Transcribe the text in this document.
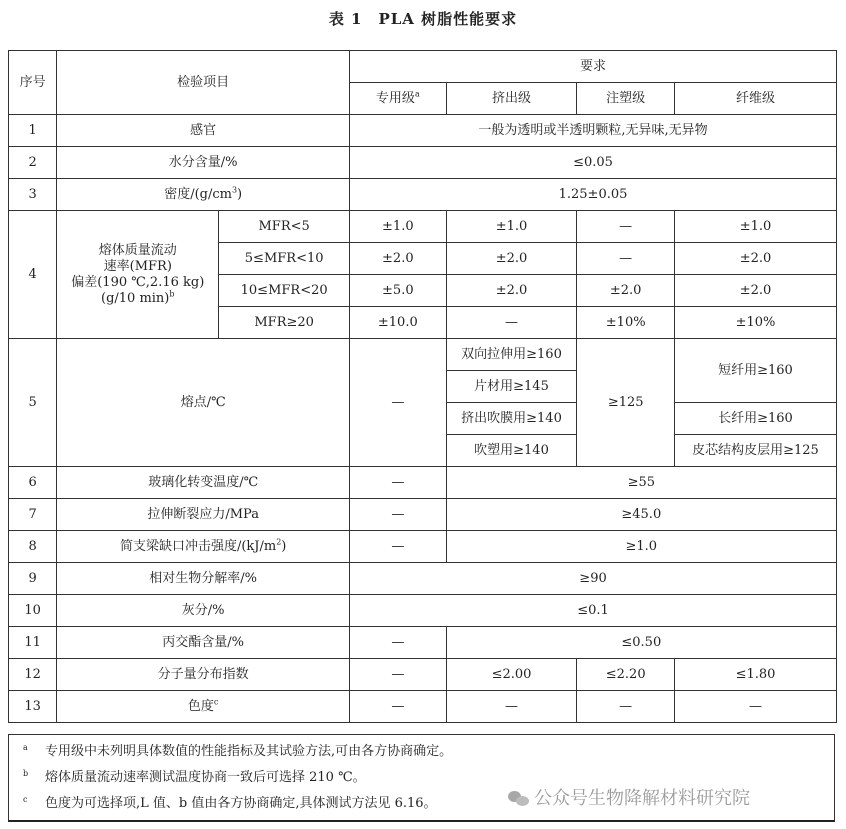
表 1　PLA 树脂性能要求

序号	检验项目		要求				
			专用级$^a$	挤出级	注塑级	纤维级	
1	感官		一般为透明或半透明颗粒,无异味,无异物				
2	水分含量/%		≤0.05				
3	密度/(g/cm$^3$)		1.25±0.05				
4	熔体质量流动
速率(MFR)
偏差(190 ℃,2.16 kg)
(g/10 min)$^b$	MFR<5	±1.0	±1.0	—	±1.0	
		5≤MFR<10	±2.0	±2.0	—	±2.0	
		10≤MFR<20	±5.0	±2.0	±2.0	±2.0	
		MFR≥20	±10.0	—	±10%	±10%	
5	熔点/℃		—	双向拉伸用≥160	≥125	短纤用≥160	
				片材用≥145			
				挤出吹膜用≥140		长纤用≥160	
				吹塑用≥140		皮芯结构皮层用≥125	
6	玻璃化转变温度/℃		—	≥55			
7	拉伸断裂应力/MPa		—	≥45.0			
8	简支梁缺口冲击强度/(kJ/m$^2$)		—	≥1.0			
9	相对生物分解率/%		≥90				
10	灰分/%		≤0.1				
11	丙交酯含量/%		—	≤0.50			
12	分子量分布指数		—	≤2.00	≤2.20	≤1.80	
13	色度$^c$		—	—	—	—	
a 专用级中未列明具体数值的性能指标及其试验方法,可由各方协商确定。
b 熔体质量流动速率测试温度协商一致后可选择 210 ℃。
c 色度为可选择项,L 值、b 值由各方协商确定,具体测试方法见 6.16。	公众号生物降解材料研究院
